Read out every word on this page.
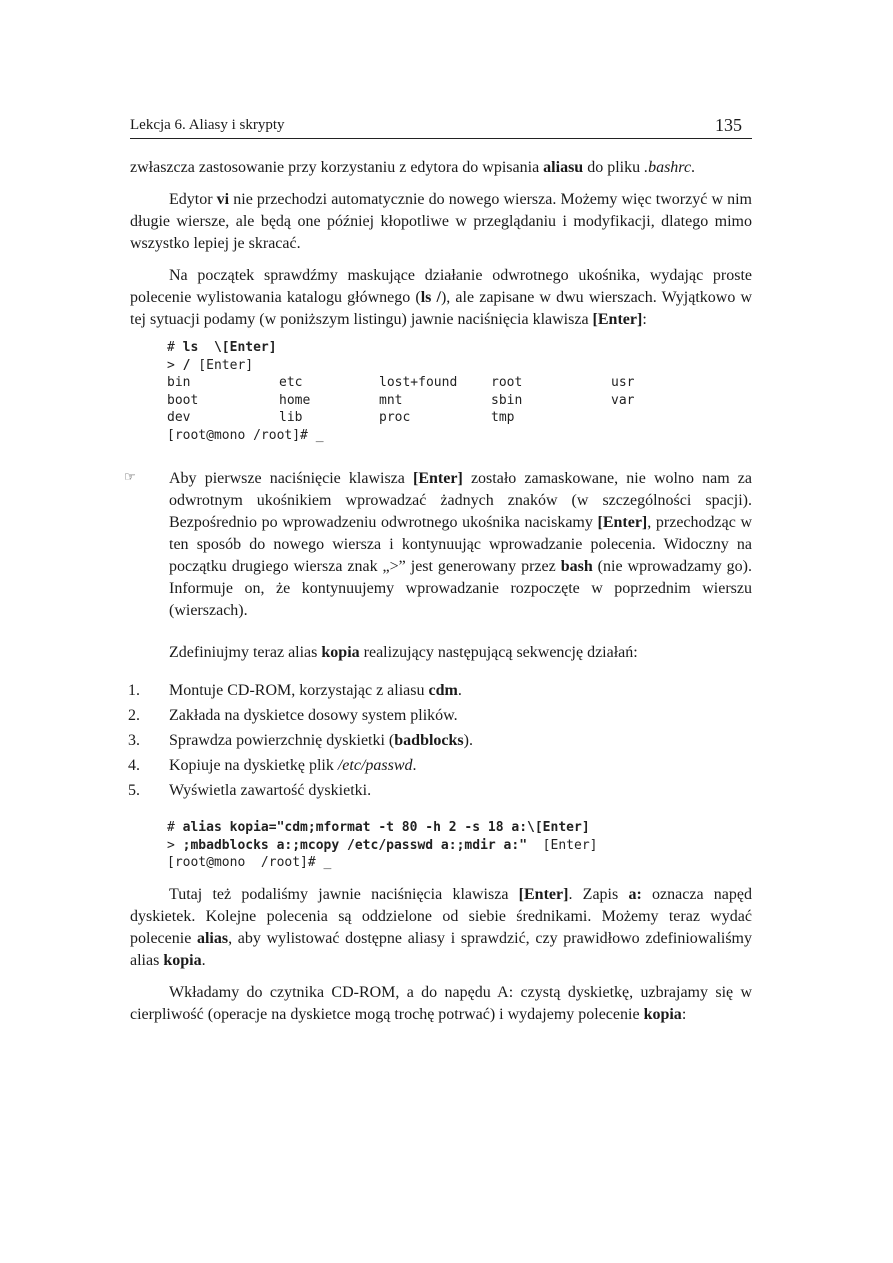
Lekcja 6. Aliasy i skrypty	135

zwłaszcza zastosowanie przy korzystaniu z edytora do wpisania aliasu do pliku .bashrc.

Edytor vi nie przechodzi automatycznie do nowego wiersza. Możemy więc tworzyć w nim długie wiersze, ale będą one później kłopotliwe w przeglądaniu i modyfikacji, dlatego mimo wszystko lepiej je skracać.

Na początek sprawdźmy maskujące działanie odwrotnego ukośnika, wydając proste polecenie wylistowania katalogu głównego (ls /), ale zapisane w dwu wierszach. Wyjątkowo w tej sytuacji podamy (w poniższym listingu) jawnie naciśnięcia klawisza [Enter]:

# ls  \[Enter]
> / [Enter]
bin	etc	lost+found	root	usr
boot	home	mnt	sbin	var
dev	lib	proc	tmp
[root@mono /root]# _
☞ Aby pierwsze naciśnięcie klawisza [Enter] zostało zamaskowane, nie wolno nam za odwrotnym ukośnikiem wprowadzać żadnych znaków (w szczególności spacji). Bezpośrednio po wprowadzeniu odwrotnego ukośnika naciskamy [Enter], przechodząc w ten sposób do nowego wiersza i kontynuując wprowadzanie polecenia. Widoczny na początku drugiego wiersza znak „>” jest generowany przez bash (nie wprowadzamy go). Informuje on, że kontynuujemy wprowadzanie rozpoczęte w poprzednim wierszu (wierszach).

Zdefiniujmy teraz alias kopia realizujący następującą sekwencję działań:

1. Montuje CD-ROM, korzystając z aliasu cdm.
2. Zakłada na dyskietce dosowy system plików.
3. Sprawdza powierzchnię dyskietki (badblocks).
4. Kopiuje na dyskietkę plik /etc/passwd.
5. Wyświetla zawartość dyskietki.
# alias kopia="cdm;mformat -t 80 -h 2 -s 18 a:\[Enter]
> ;mbadblocks a:;mcopy /etc/passwd a:;mdir a:"  [Enter]
[root@mono  /root]# _

Tutaj też podaliśmy jawnie naciśnięcia klawisza [Enter]. Zapis a: oznacza napęd dyskietek. Kolejne polecenia są oddzielone od siebie średnikami. Możemy teraz wydać polecenie alias, aby wylistować dostępne aliasy i sprawdzić, czy prawidłowo zdefiniowaliśmy alias kopia.

Wkładamy do czytnika CD-ROM, a do napędu A: czystą dyskietkę, uzbrajamy się w cierpliwość (operacje na dyskietce mogą trochę potrwać) i wydajemy polecenie kopia:
